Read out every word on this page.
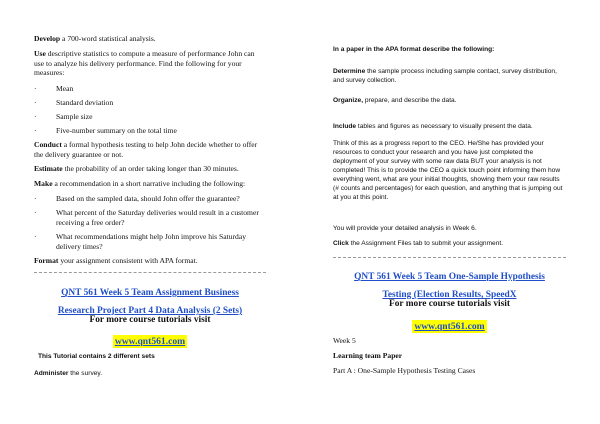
Develop a 700-word statistical analysis.
Use descriptive statistics to compute a measure of performance John can use to analyze his delivery performance. Find the following for your measures:
·	Mean
·	Standard deviation
·	Sample size
·	Five-number summary on the total time
Conduct a formal hypothesis testing to help John decide whether to offer the delivery guarantee or not.
Estimate the probability of an order taking longer than 30 minutes.
Make a recommendation in a short narrative including the following:
·	Based on the sampled data, should John offer the guarantee?
·	What percent of the Saturday deliveries would result in a customer receiving a free order?
·	What recommendations might help John improve his Saturday delivery times?
Format your assignment consistent with APA format.
QNT 561 Week 5 Team Assignment Business Research Project Part 4 Data Analysis (2 Sets)
For more course tutorials visit
www.qnt561.com
This Tutorial contains 2 different sets
Administer the survey.
In a paper in the APA format describe the following:
Determine the sample process including sample contact, survey distribution, and survey collection.
Organize, prepare, and describe the data.
Include tables and figures as necessary to visually present the data.
Think of this as a progress report to the CEO. He/She has provided your resources to conduct your research and you have just completed the deployment of your survey with some raw data BUT your analysis is not completed! This is to provide the CEO a quick touch point informing them how everything went, what are your initial thoughts, showing them your raw results (# counts and percentages) for each question, and anything that is jumping out at you at this point.
You will provide your detailed analysis in Week 6.
Click the Assignment Files tab to submit your assignment.
QNT 561 Week 5 Team One-Sample Hypothesis Testing (Election Results, SpeedX
For more course tutorials visit
www.qnt561.com
Week 5
Learning team Paper
Part A : One-Sample Hypothesis Testing Cases
